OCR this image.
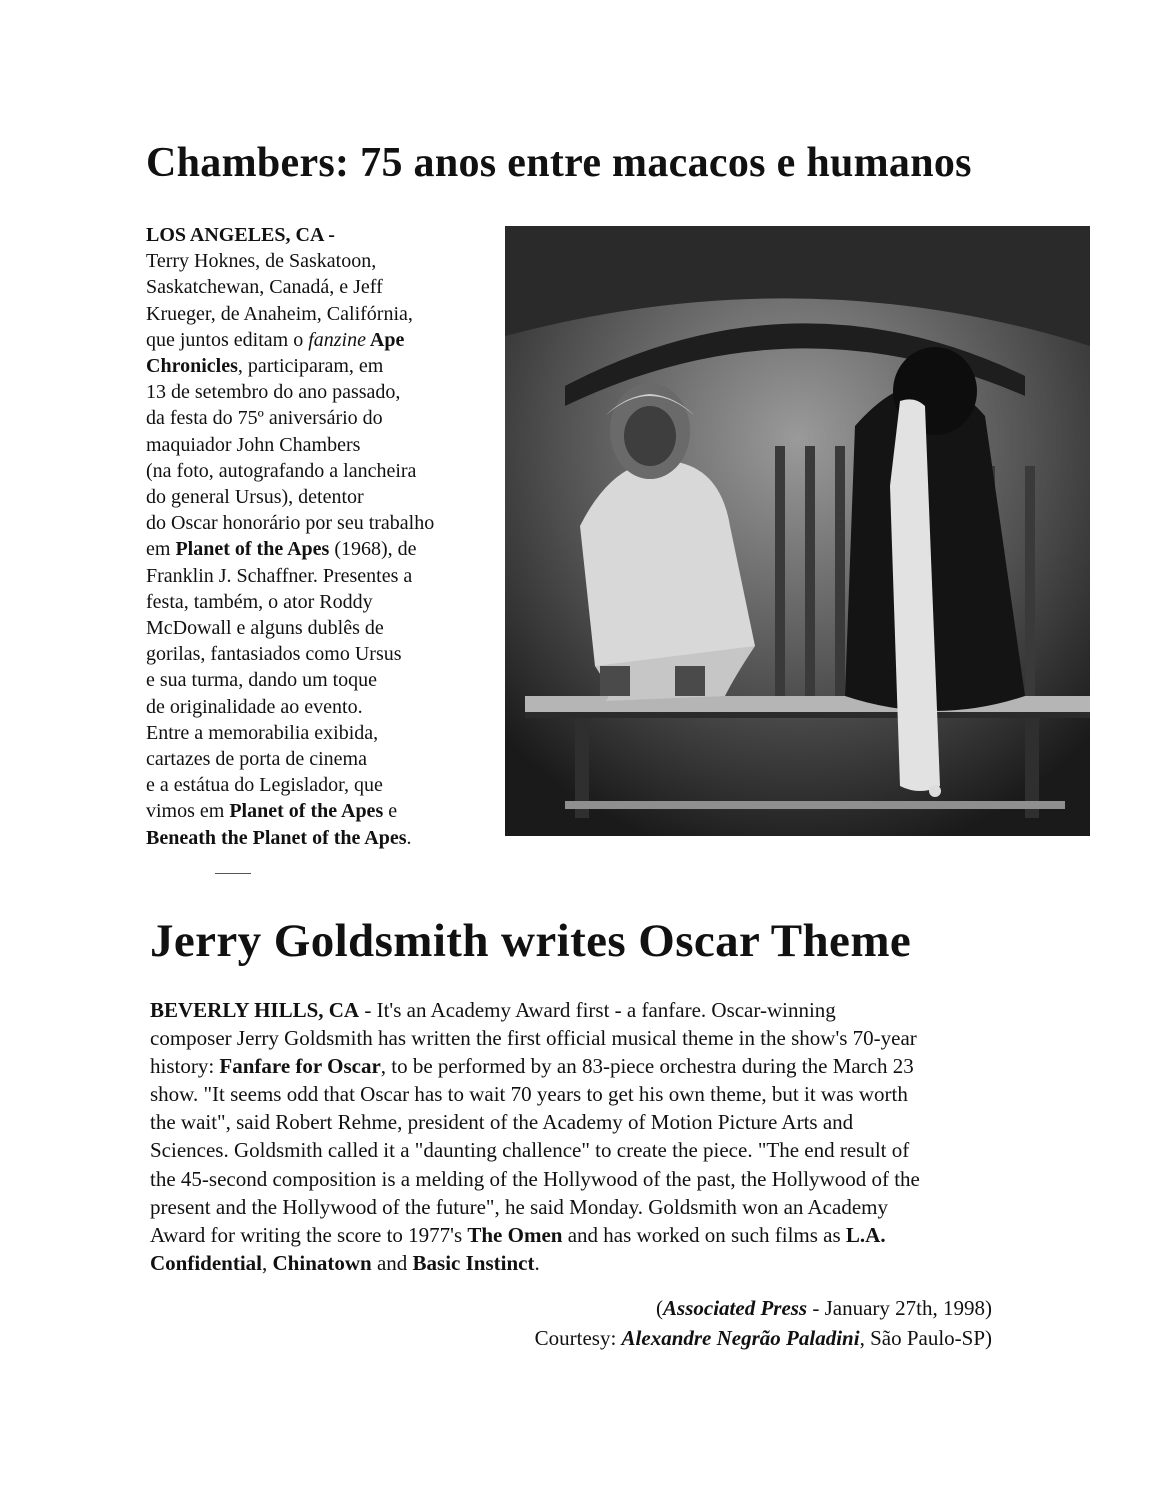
Chambers: 75 anos entre macacos e humanos
LOS ANGELES, CA -
Terry Hoknes, de Saskatoon,
Saskatchewan, Canadá, e Jeff
Krueger, de Anaheim, Califórnia,
que juntos editam o fanzine Ape
Chronicles, participaram, em
13 de setembro do ano passado,
da festa do 75º aniversário do
maquiador John Chambers
(na foto, autografando a lancheira
do general Ursus), detentor
do Oscar honorário por seu trabalho
em Planet of the Apes (1968), de
Franklin J. Schaffner. Presentes a
festa, também, o ator Roddy
McDowall e alguns dublês de
gorilas, fantasiados como Ursus
e sua turma, dando um toque
de originalidade ao evento.
Entre a memorabilia exibida,
cartazes de porta de cinema
e a estátua do Legislador, que
vimos em Planet of the Apes e
Beneath the Planet of the Apes.
Jerry Goldsmith writes Oscar Theme
BEVERLY HILLS, CA - It's an Academy Award first - a fanfare. Oscar-winning
composer Jerry Goldsmith has written the first official musical theme in the show's 70-year
history: Fanfare for Oscar, to be performed by an 83-piece orchestra during the March 23
show. "It seems odd that Oscar has to wait 70 years to get his own theme, but it was worth
the wait", said Robert Rehme, president of the Academy of Motion Picture Arts and
Sciences. Goldsmith called it a "daunting challence" to create the piece. "The end result of
the 45-second composition is a melding of the Hollywood of the past, the Hollywood of the
present and the Hollywood of the future", he said Monday. Goldsmith won an Academy
Award for writing the score to 1977's The Omen and has worked on such films as L.A.
Confidential, Chinatown and Basic Instinct.
(Associated Press - January 27th, 1998)
Courtesy: Alexandre Negrão Paladini, São Paulo-SP)
